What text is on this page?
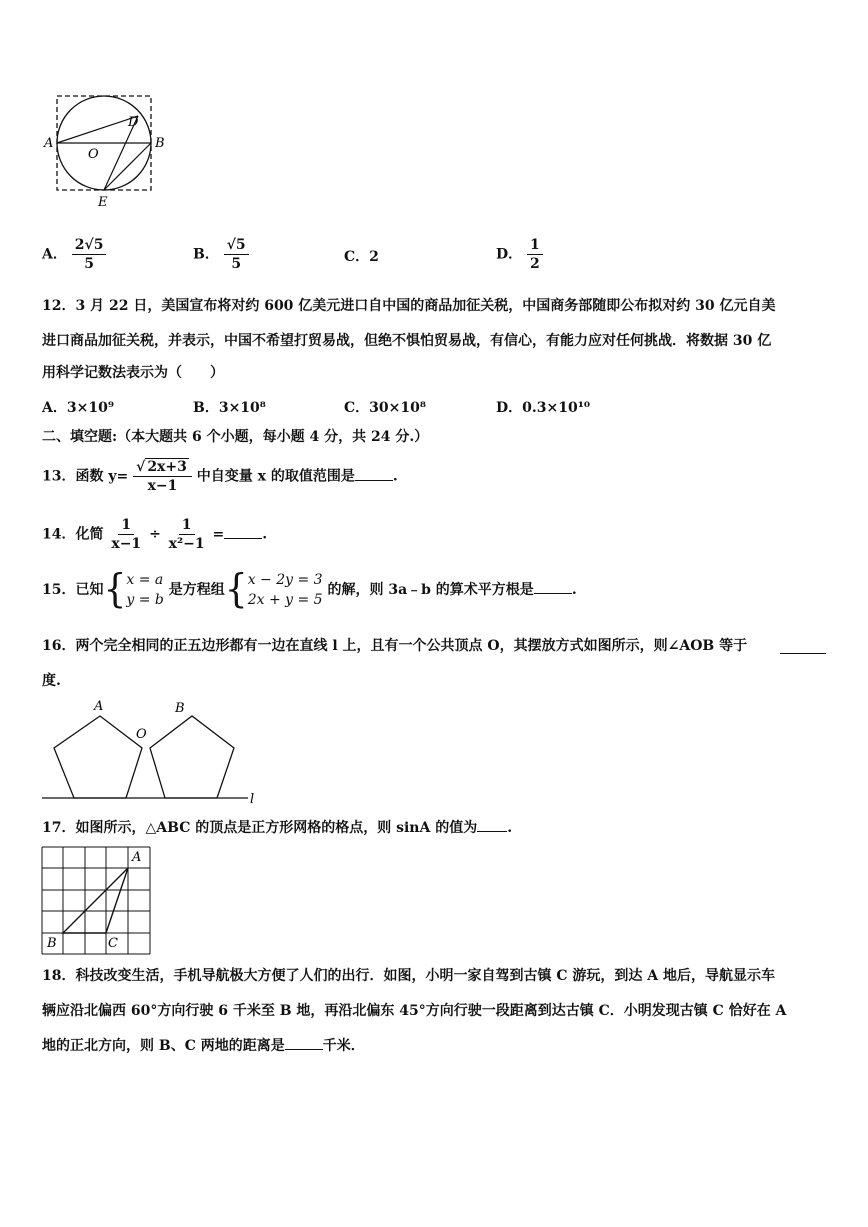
A	B
O
D
E
A． $\frac{2√5}{5}$	B． $\frac{√5}{5}$	C．2	D． $\frac{1}{2}$
12．3 月 22 日，美国宣布将对约 600 亿美元进口自中国的商品加征关税，中国商务部随即公布拟对约 30 亿元自美
进口商品加征关税，并表示，中国不希望打贸易战，但绝不惧怕贸易战，有信心，有能力应对任何挑战．将数据 30 亿
用科学记数法表示为（　　）
A．3×10⁹	B．3×10⁸	C．30×10⁸	D．0.3×10¹⁰
二、填空题:（本大题共 6 个小题，每小题 4 分，共 24 分.）
13．函数 $y= \frac{√ 2x+3}{x-1}$ 中自变量 x 的取值范围是	.
14．化简 $\frac{1}{x-1} \div \frac{1}{\text{x²−1}}$ =	.
15．已知{ x = a
y = b
是方程组{ x − 2y = 3
2x + y = 5
的解，则 3a﹣b 的算术平方根是	.
16．两个完全相同的正五边形都有一边在直线 l 上，且有一个公共顶点 O，其摆放方式如图所示，则∠AOB 等于
度.
A	B
O
l
17．如图所示，△ABC 的顶点是正方形网格的格点，则 sinA 的值为 .
A
B	C
18．科技改变生活，手机导航极大方便了人们的出行．如图，小明一家自驾到古镇 C 游玩，到达 A 地后，导航显示车
辆应沿北偏西 60°方向行驶 6 千米至 B 地，再沿北偏东 45°方向行驶一段距离到达古镇 C．小明发现古镇 C 恰好在 A
地的正北方向，则 B、C 两地的距离是	千米．
